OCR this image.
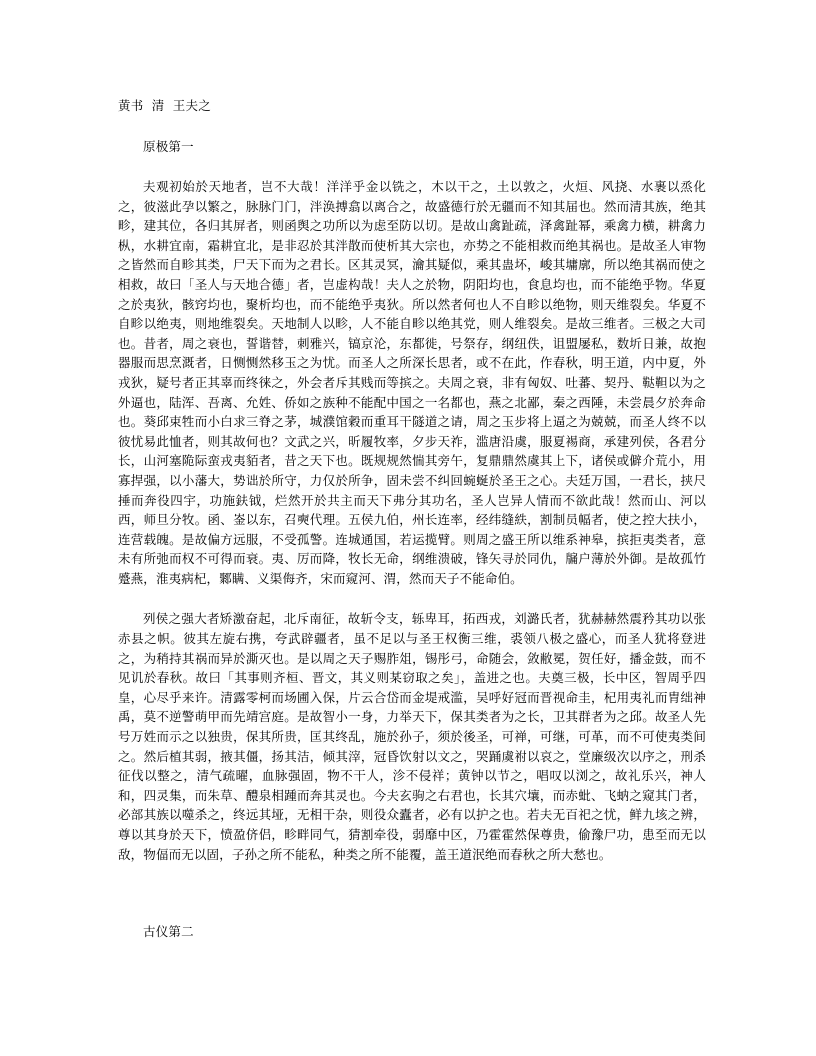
黄书  清  王夫之
原极第一

夫观初始於天地者，岂不大哉！洋洋乎金以铣之，木以干之，土以敦之，火烜、风挠、水裹以烝化之，彼滋此孕以繁之，脉脉门门，泮涣搏翕以离合之，故盛德行於无疆而不知其届也。然而清其族，绝其畛，建其位，各归其屏者，则函舆之功所以为虑至防以切。是故山禽趾疏，泽禽趾幂，乘禽力横，耕禽力枞，水耕宜南，霜耕宜北，是非忍於其泮散而使析其大宗也，亦势之不能相救而绝其祸也。是故圣人审物之皆然而自畛其类，尸天下而为之君长。区其灵冥，瀹其疑似，乘其蛊坏，峻其墉廓，所以绝其祸而使之相救，故曰「圣人与天地合德」者，岂虚构哉！夫人之於物，阴阳均也，食息均也，而不能绝乎物。华夏之於夷狄，骸窍均也，聚析均也，而不能绝乎夷狄。所以然者何也人不自畛以绝物，则天维裂矣。华夏不自畛以绝夷，则地维裂矣。天地制人以畛，人不能自畛以绝其党，则人维裂矣。是故三维者。三极之大司也。昔者，周之衰也，誓谐替，刺雅兴，镐京沦，东都徙，号祭存，纲纽佚，诅盟屡私，数圻日兼，故抱器服而思烹溉者，日恻恻然移玉之为忧。而圣人之所深长思者，或不在此，作春秋，明王道，内中夏，外戎狄，疑号者正其辜而终徕之，外会者斥其贱而等摈之。夫周之衰，非有匈奴、吐蕃、契丹、鞑靼以为之外逼也，陆浑、吾离、允姓、侨如之族种不能配中国之一名都也，燕之北鄙，秦之西陲，未尝晨夕於奔命也。葵邱束牲而小白求三脊之茅，城濮馆穀而重耳干隧道之请，周之玉步将上逼之为兢兢，而圣人终不以彼忧易此恤者，则其故何也？文武之兴，昕履牧率，夕步天祚，滥唐沿虞，服夏裼商，承建列侯，各君分长，山河塞陒际蛮戎夷貊者，昔之天下也。既规规然惴其旁午，复鼎鼎然虞其上下，诸侯或僻介荒小，用寡捍强，以小藩大，势诎於所守，力仅於所争，固未尝不纠回蜿蜒於圣王之心。夫廷万国，一君长，挟尺捶而奔役四宇，功施鈇钺，烂然开於共主而天下弗分其功名，圣人岂异人情而不欲此哉！然而山、河以西，师旦分牧。函、崟以东，召奭代理。五侯九伯，州长连率，经纬缝紩，割制员幅者，使之控大扶小，连营载魄。是故偏方远服，不受孤警。连城通国，若运揽臂。则周之盛王所以维系神皋，摈拒夷类者，意未有所弛而权不可得而衰。夷、厉而降，牧长无命，纲维溃破，锋矢寻於同仇，牖户薄於外御。是故孤竹蹙燕，淮夷病杞，鄹瞒、义渠侮齐，宋而窥河、渭，然而天子不能命伯。

列侯之强大者矫激奋起，北斥南征，故斩令支，轹卑耳，拓西戎，刘潞氏者，犹赫赫然震矜其功以张赤县之帜。彼其左旋右携，夸武辟疆者，虽不足以与圣王权衡三维，裘领八极之盛心，而圣人犹将登进之，为稍持其祸而异於澌灭也。是以周之天子赐胙俎，锡彤弓，命随会，敛敝冕，贺任好，播金鼓，而不见讥於春秋。故曰「其事则齐桓、晋文，其义则某窃取之矣」，盖进之也。夫奠三极，长中区，智周乎四皇，心尽乎来许。清露零柯而场圃入保，片云合岱而金堤戒滥，吴呼好冠而晋视命圭，杞用夷礼而胄绌神禹，莫不逆警萌甲而先靖宫庭。是故智小一身，力举天下，保其类者为之长，卫其群者为之邱。故圣人先号万姓而示之以独贵，保其所贵，匡其终乱，施於孙子，须於後圣，可禅，可继，可革，而不可使夷类间之。然后植其弱，掖其僵，扬其洁，倾其滓，冠昏饮射以文之，哭踊虞祔以哀之，堂廉级次以序之，刑杀征伐以整之，清气疏曜，血脉强固，物不干人，沴不侵祥；黄钟以节之，唱叹以浏之，故礼乐兴，神人和，四灵集，而朱草、醴泉相踵而奔其灵也。今夫玄驹之右君也，长其穴壤，而赤蚍、飞蚋之窥其门者，必部其族以噬杀之，终远其垭，无相干杂，则役众蠹者，必有以护之也。若夫无百祀之忧，鲜九垓之辨，尊以其身於天下，愤盈侪侣，畛畔同气，猜割牵役，弱靡中区，乃霍霍然保尊贵，偷豫尸功，患至而无以敌，物偪而无以固，子孙之所不能私，种类之所不能覆，盖王道泯绝而春秋之所大愁也。

古仪第二
